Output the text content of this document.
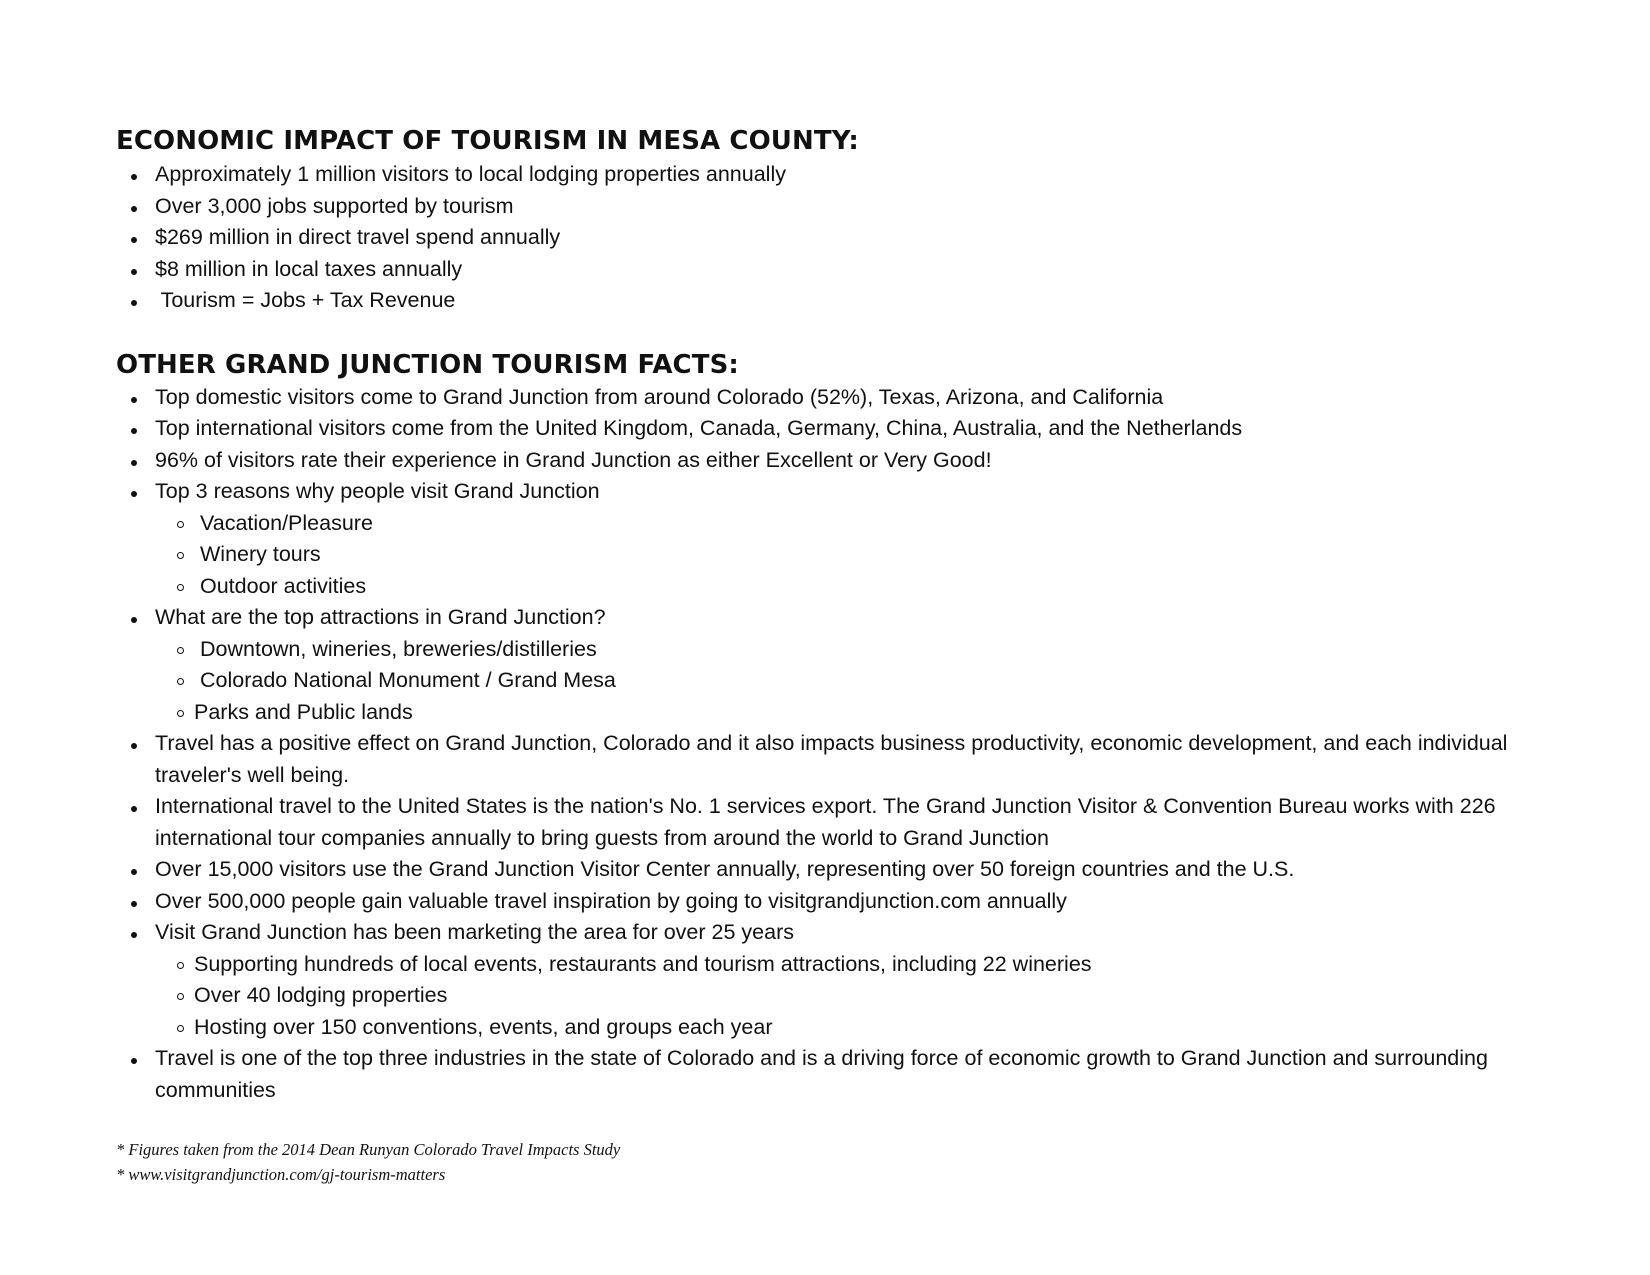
ECONOMIC IMPACT OF TOURISM IN MESA COUNTY:
Approximately 1 million visitors to local lodging properties annually
Over 3,000 jobs supported by tourism
$269 million in direct travel spend annually
$8 million in local taxes annually
Tourism = Jobs + Tax Revenue
OTHER GRAND JUNCTION TOURISM FACTS:
Top domestic visitors come to Grand Junction from around Colorado (52%), Texas, Arizona, and California
Top international visitors come from the United Kingdom, Canada, Germany, China, Australia, and the Netherlands
96% of visitors rate their experience in Grand Junction as either Excellent or Very Good!
Top 3 reasons why people visit Grand Junction
Vacation/Pleasure
Winery tours
Outdoor activities
What are the top attractions in Grand Junction?
Downtown, wineries, breweries/distilleries
Colorado National Monument / Grand Mesa
Parks and Public lands
Travel has a positive effect on Grand Junction, Colorado and it also impacts business productivity, economic development, and each individual traveler's well being.
International travel to the United States is the nation's No. 1 services export. The Grand Junction Visitor & Convention Bureau works with 226 international tour companies annually to bring guests from around the world to Grand Junction
Over 15,000 visitors use the Grand Junction Visitor Center annually, representing over 50 foreign countries and the U.S.
Over 500,000 people gain valuable travel inspiration by going to visitgrandjunction.com annually
Visit Grand Junction has been marketing the area for over 25 years
Supporting hundreds of local events, restaurants and tourism attractions, including 22 wineries
Over 40 lodging properties
Hosting over 150 conventions, events, and groups each year
Travel is one of the top three industries in the state of Colorado and is a driving force of economic growth to Grand Junction and surrounding communities
* Figures taken from the 2014 Dean Runyan Colorado Travel Impacts Study
* www.visitgrandjunction.com/gj-tourism-matters
